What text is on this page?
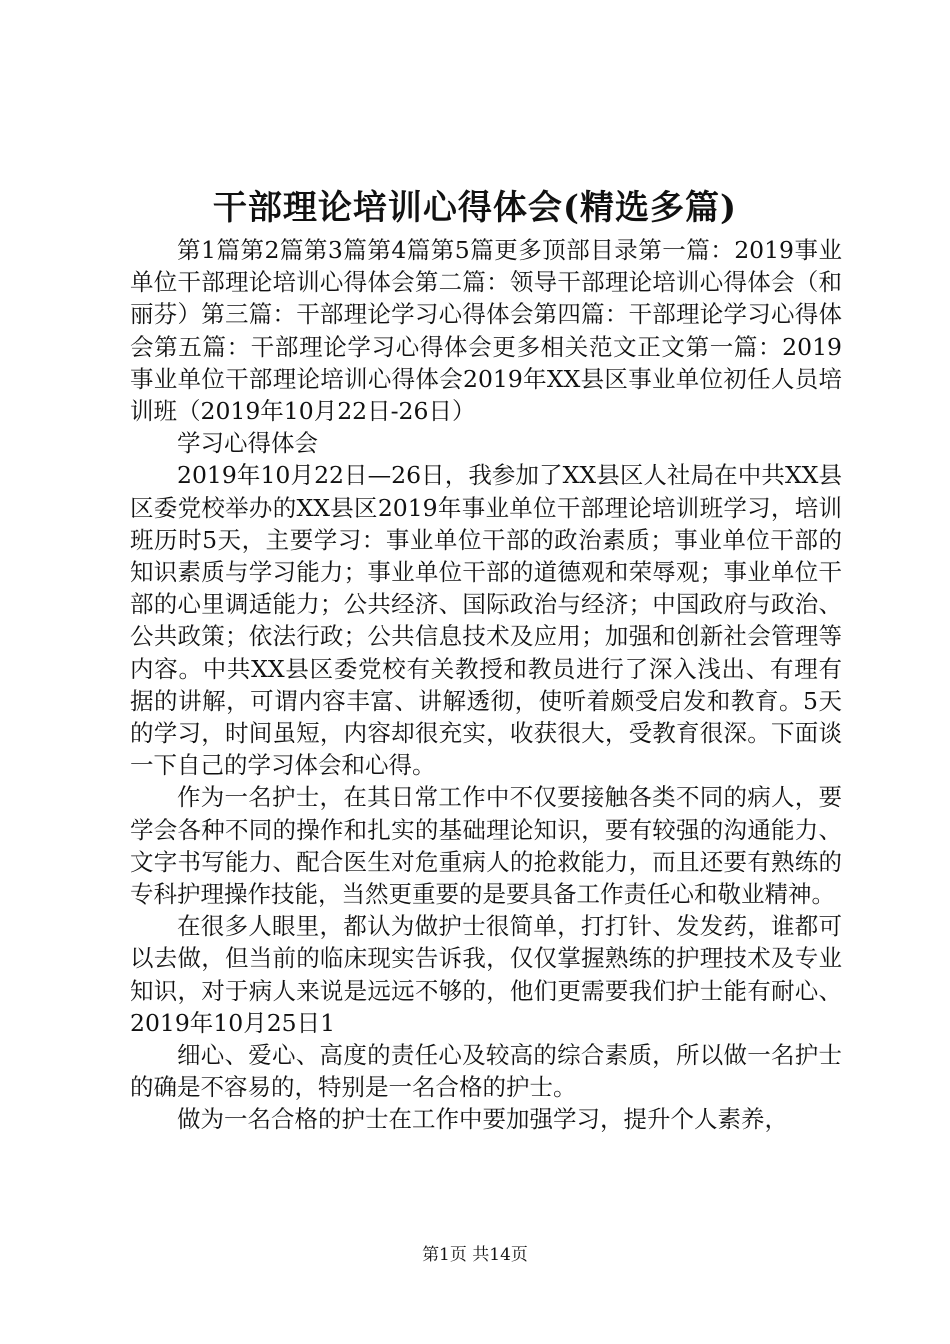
干部理论培训心得体会(精选多篇)

第1篇第2篇第3篇第4篇第5篇更多顶部目录第一篇：2019事业单位干部理论培训心得体会第二篇：领导干部理论培训心得体会（和丽芬）第三篇：干部理论学习心得体会第四篇：干部理论学习心得体会第五篇：干部理论学习心得体会更多相关范文正文第一篇：2019事业单位干部理论培训心得体会2019年XX县区事业单位初任人员培训班（2019年10月22日-26日）

学习心得体会

2019年10月22日—26日，我参加了XX县区人社局在中共XX县区委党校举办的XX县区2019年事业单位干部理论培训班学习，培训班历时5天，主要学习：事业单位干部的政治素质；事业单位干部的知识素质与学习能力；事业单位干部的道德观和荣辱观；事业单位干部的心里调适能力；公共经济、国际政治与经济；中国政府与政治、公共政策；依法行政；公共信息技术及应用；加强和创新社会管理等内容。中共XX县区委党校有关教授和教员进行了深入浅出、有理有据的讲解，可谓内容丰富、讲解透彻，使听着颇受启发和教育。5天的学习，时间虽短，内容却很充实，收获很大，受教育很深。下面谈一下自己的学习体会和心得。

作为一名护士，在其日常工作中不仅要接触各类不同的病人，要学会各种不同的操作和扎实的基础理论知识，要有较强的沟通能力、文字书写能力、配合医生对危重病人的抢救能力，而且还要有熟练的专科护理操作技能，当然更重要的是要具备工作责任心和敬业精神。

在很多人眼里，都认为做护士很简单，打打针、发发药，谁都可以去做，但当前的临床现实告诉我，仅仅掌握熟练的护理技术及专业知识，对于病人来说是远远不够的，他们更需要我们护士能有耐心、2019年10月25日1

细心、爱心、高度的责任心及较高的综合素质，所以做一名护士的确是不容易的，特别是一名合格的护士。

做为一名合格的护士在工作中要加强学习，提升个人素养，

第1页 共14页
